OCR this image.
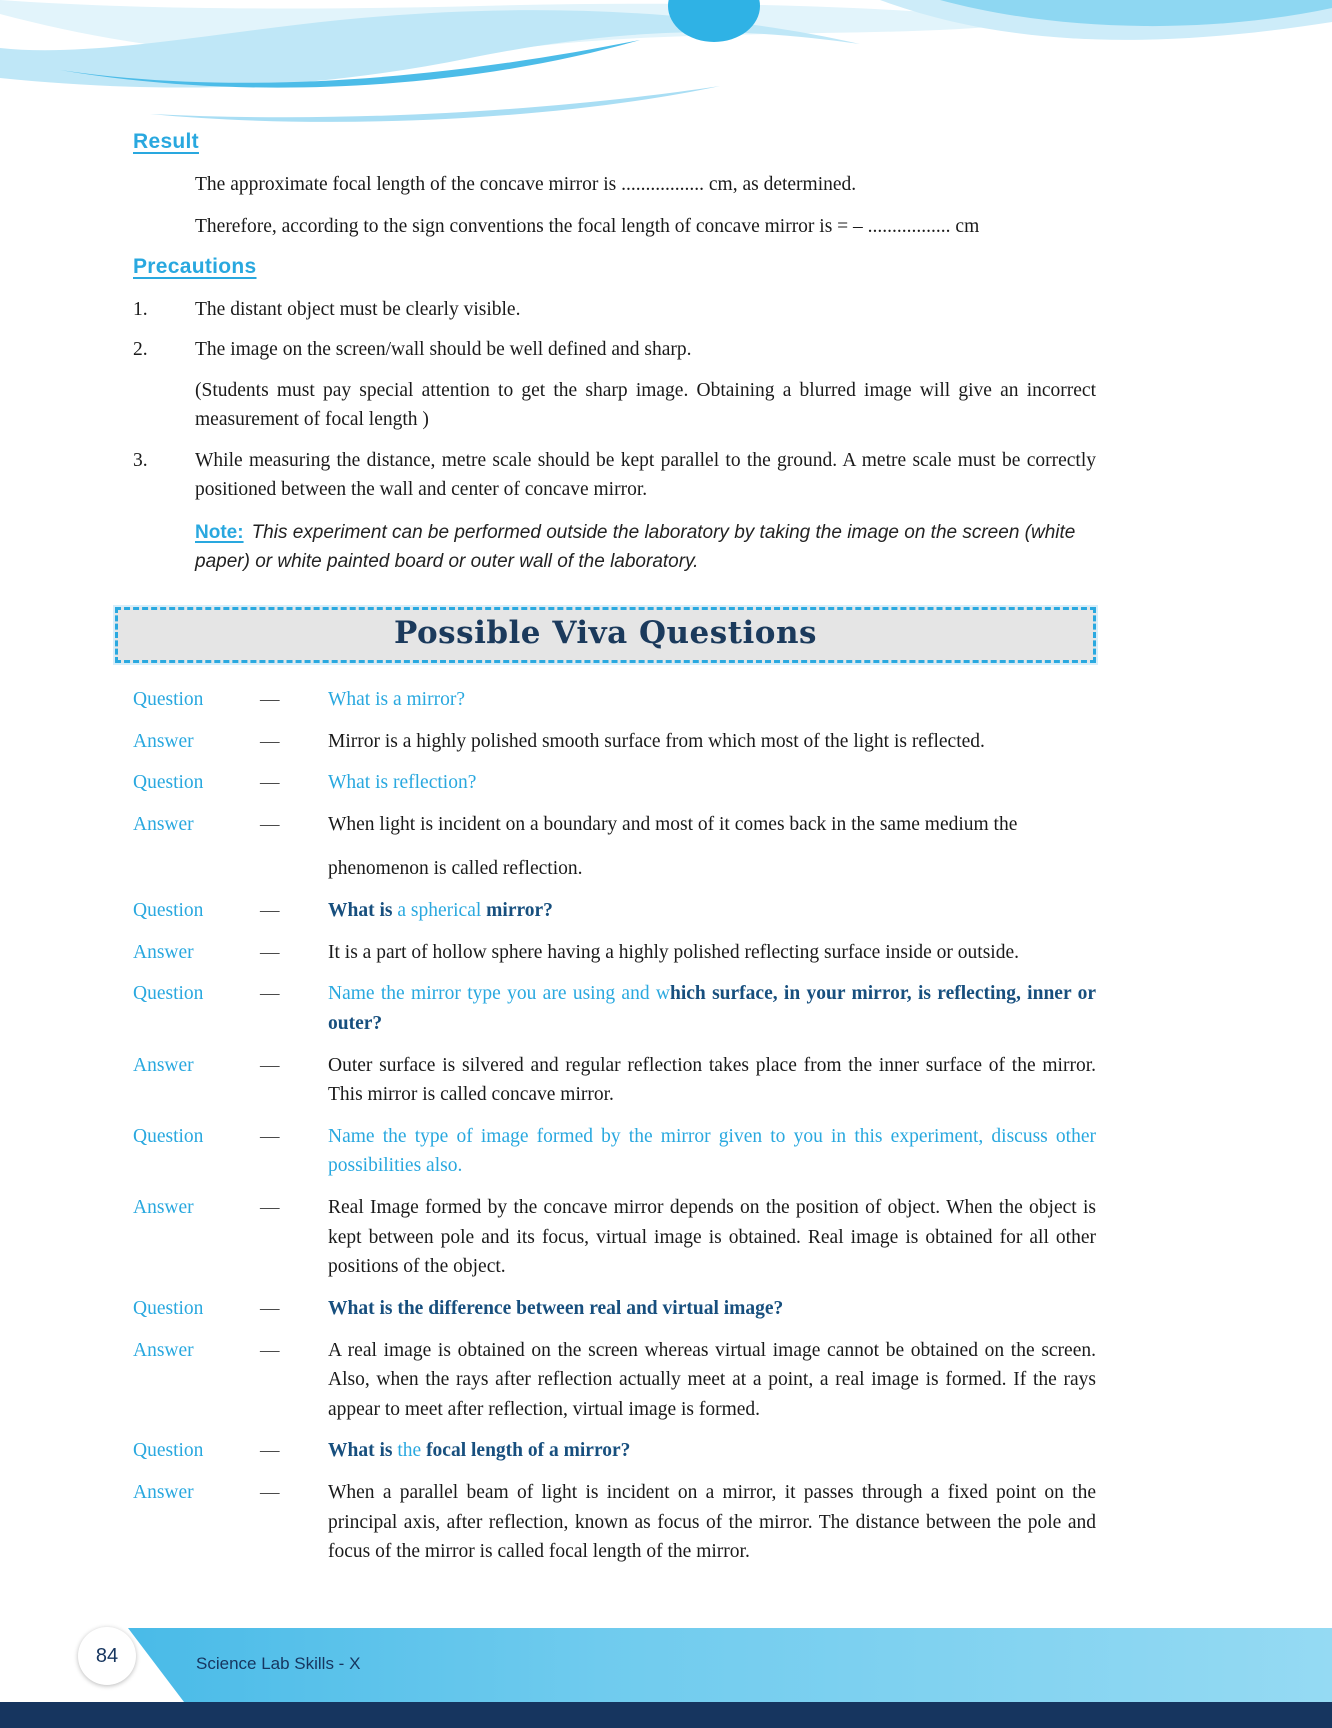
Result
The approximate focal length of the concave mirror is ................. cm, as determined.
Therefore, according to the sign conventions the focal length of concave mirror is = – ................. cm
Precautions
1.	The distant object must be clearly visible.

2.	The image on the screen/wall should be well defined and sharp.

(Students must pay special attention to get the sharp image. Obtaining a blurred image will give an incorrect measurement of focal length )

3.	While measuring the distance, metre scale should be kept parallel to the ground. A metre scale must be correctly positioned between the wall and center of concave mirror.

Note: This experiment can be performed outside the laboratory by taking the image on the screen (white paper) or white painted board or outer wall of the laboratory.
Possible Viva Questions
Question	—	What is a mirror?
Answer	—	Mirror is a highly polished smooth surface from which most of the light is reflected.
Question	—	What is reflection?
Answer	—	When light is incident on a boundary and most of it comes back in the same medium the
phenomenon is called reflection.
Question	—	What is a spherical mirror?
Answer	—	It is a part of hollow sphere having a highly polished reflecting surface inside or outside.
Question	—	Name the mirror type you are using and which surface, in your mirror, is reflecting, inner or outer?
Answer	—	Outer surface is silvered and regular reflection takes place from the inner surface of the mirror. This mirror is called concave mirror.
Question	—	Name the type of image formed by the mirror given to you in this experiment, discuss other possibilities also.
Answer	—	Real Image formed by the concave mirror depends on the position of object. When the object is kept between pole and its focus, virtual image is obtained. Real image is obtained for all other positions of the object.
Question	—	What is the difference between real and virtual image?
Answer	—	A real image is obtained on the screen whereas virtual image cannot be obtained on the screen. Also, when the rays after reflection actually meet at a point, a real image is formed. If the rays appear to meet after reflection, virtual image is formed.
Question	—	What is the focal length of a mirror?
Answer	—	When a parallel beam of light is incident on a mirror, it passes through a fixed point on the principal axis, after reflection, known as focus of the mirror. The distance between the pole and focus of the mirror is called focal length of the mirror.
84	Science Lab Skills - X
